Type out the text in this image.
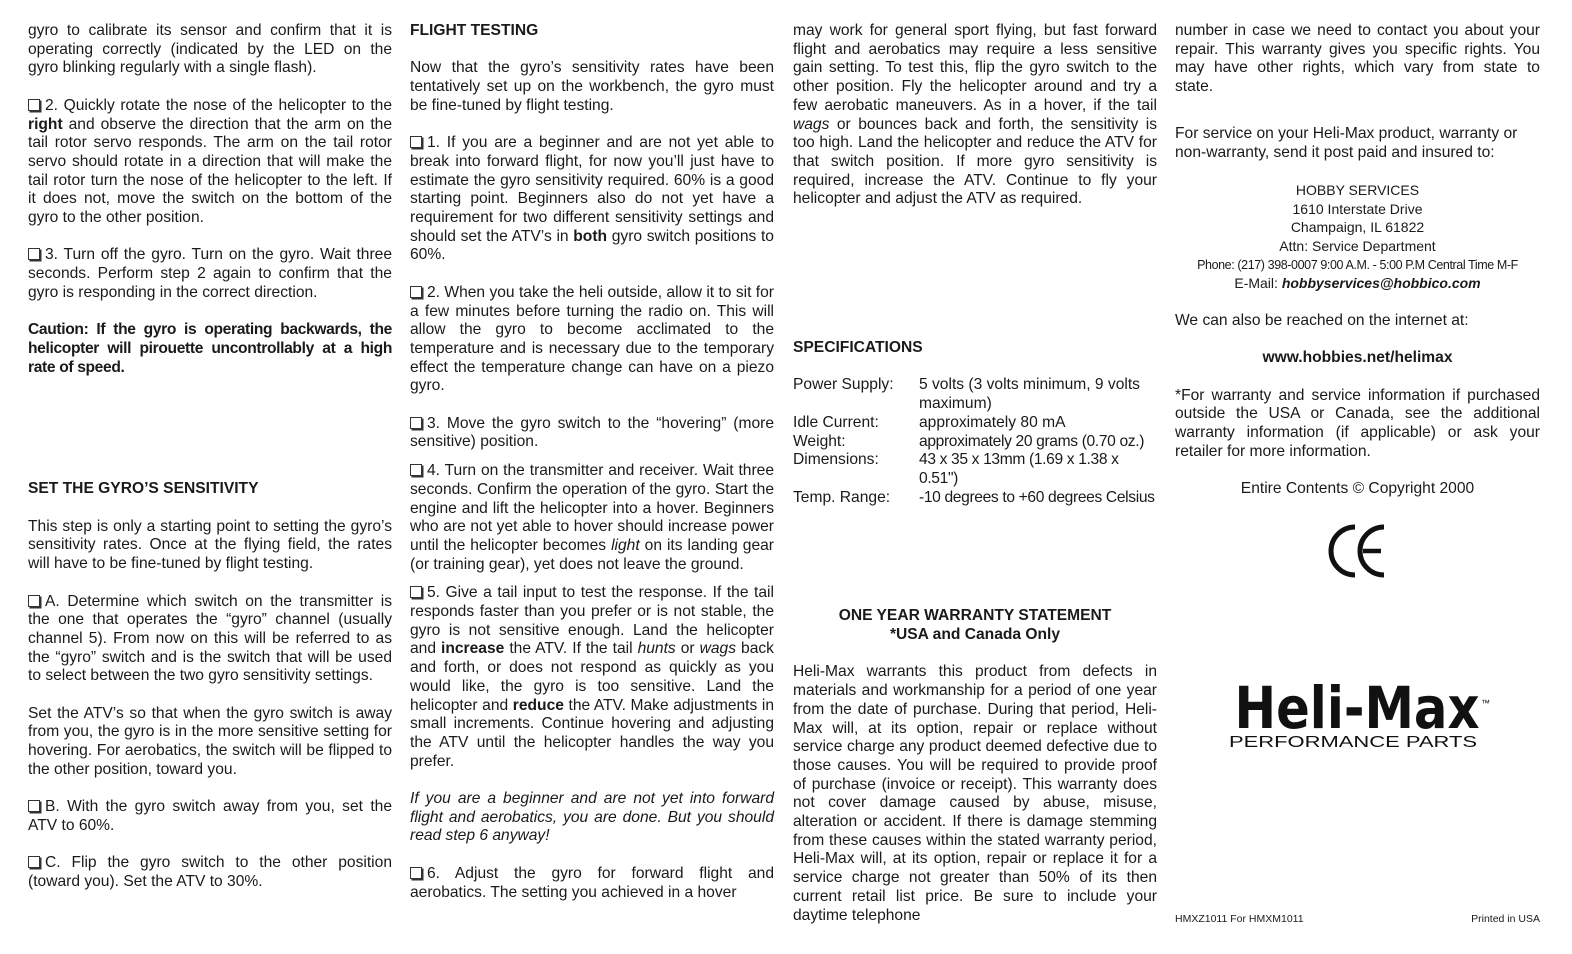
gyro to calibrate its sensor and confirm that it is operating correctly (indicated by the LED on the gyro blinking regularly with a single flash).

2. Quickly rotate the nose of the helicopter to the right and observe the direction that the arm on the tail rotor servo responds. The arm on the tail rotor servo should rotate in a direction that will make the tail rotor turn the nose of the helicopter to the left. If it does not, move the switch on the bottom of the gyro to the other position.

3. Turn off the gyro. Turn on the gyro. Wait three seconds. Perform step 2 again to confirm that the gyro is responding in the correct direction.

Caution: If the gyro is operating backwards, the helicopter will pirouette uncontrollably at a high rate of speed.

SET THE GYRO’S SENSITIVITY

This step is only a starting point to setting the gyro’s sensitivity rates. Once at the flying field, the rates will have to be fine-tuned by flight testing.

A. Determine which switch on the transmitter is the one that operates the “gyro” channel (usually channel 5). From now on this will be referred to as the “gyro” switch and is the switch that will be used to select between the two gyro sensitivity settings.

Set the ATV’s so that when the gyro switch is away from you, the gyro is in the more sensitive setting for hovering. For aerobatics, the switch will be flipped to the other position, toward you.

B. With the gyro switch away from you, set the ATV to 60%.

C. Flip the gyro switch to the other position (toward you). Set the ATV to 30%.

FLIGHT TESTING

Now that the gyro’s sensitivity rates have been tentatively set up on the workbench, the gyro must be fine-tuned by flight testing.

1. If you are a beginner and are not yet able to break into forward flight, for now you’ll just have to estimate the gyro sensitivity required. 60% is a good starting point. Beginners also do not yet have a requirement for two different sensitivity settings and should set the ATV’s in both gyro switch positions to 60%.

2. When you take the heli outside, allow it to sit for a few minutes before turning the radio on. This will allow the gyro to become acclimated to the temperature and is necessary due to the temporary effect the temperature change can have on a piezo gyro.

3. Move the gyro switch to the “hovering” (more sensitive) position.

4. Turn on the transmitter and receiver. Wait three seconds. Confirm the operation of the gyro. Start the engine and lift the helicopter into a hover. Beginners who are not yet able to hover should increase power until the helicopter becomes light on its landing gear (or training gear), yet does not leave the ground.

5. Give a tail input to test the response. If the tail responds faster than you prefer or is not stable, the gyro is not sensitive enough. Land the helicopter and increase the ATV. If the tail hunts or wags back and forth, or does not respond as quickly as you would like, the gyro is too sensitive. Land the helicopter and reduce the ATV. Make adjustments in small increments. Continue hovering and adjusting the ATV until the helicopter handles the way you prefer.

If you are a beginner and are not yet into forward flight and aerobatics, you are done. But you should read step 6 anyway!

6. Adjust the gyro for forward flight and aerobatics. The setting you achieved in a hover

may work for general sport flying, but fast forward flight and aerobatics may require a less sensitive gain setting. To test this, flip the gyro switch to the other position. Fly the helicopter around and try a few aerobatic maneuvers. As in a hover, if the tail wags or bounces back and forth, the sensitivity is too high. Land the helicopter and reduce the ATV for that switch position. If more gyro sensitivity is required, increase the ATV. Continue to fly your helicopter and adjust the ATV as required.

SPECIFICATIONS
Power Supply:	5 volts (3 volts minimum, 9 volts maximum)
Idle Current:	approximately 80 mA
Weight:	approximately 20 grams (0.70 oz.)
Dimensions:	43 x 35 x 13mm (1.69 x 1.38 x 0.51")
Temp. Range:	-10 degrees to +60 degrees Celsius
ONE YEAR WARRANTY STATEMENT
*USA and Canada Only

Heli-Max warrants this product from defects in materials and workmanship for a period of one year from the date of purchase. During that period, Heli-Max will, at its option, repair or replace without service charge any product deemed defective due to those causes. You will be required to provide proof of purchase (invoice or receipt). This warranty does not cover damage caused by abuse, misuse, alteration or accident. If there is damage stemming from these causes within the stated warranty period, Heli-Max will, at its option, repair or replace it for a service charge not greater than 50% of its then current retail list price. Be sure to include your daytime telephone

number in case we need to contact you about your repair. This warranty gives you specific rights. You may have other rights, which vary from state to state.

For service on your Heli-Max product, warranty or non-warranty, send it post paid and insured to:

HOBBY SERVICES
1610 Interstate Drive
Champaign, IL 61822
Attn: Service Department
Phone: (217) 398-0007 9:00 A.M. - 5:00 P.M Central Time M-F
E-Mail: hobbyservices@hobbico.com

We can also be reached on the internet at:

www.hobbies.net/helimax

*For warranty and service information if purchased outside the USA or Canada, see the additional warranty information (if applicable) or ask your retailer for more information.

Entire Contents © Copyright 2000

Heli-Max ™
PERFORMANCE PARTS
HMXZ1011 For HMXM1011	Printed in USA
